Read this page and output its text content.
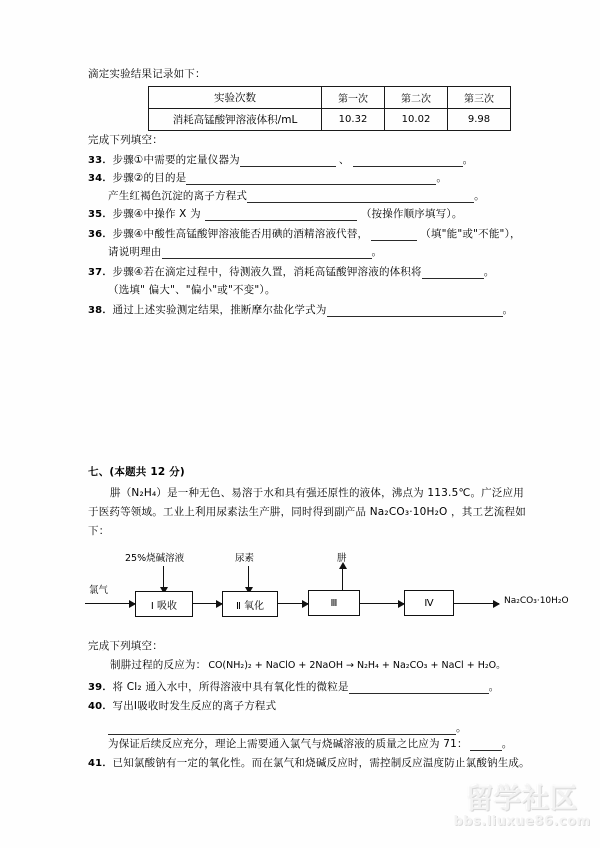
滴定实验结果记录如下：
实验次数	第一次	第二次	第三次
消耗高锰酸钾溶液体积/mL	10.32	10.02	9.98
完成下列填空：
33．步骤①中需要的定量仪器为	、	。
34．步骤②的目的是	。
产生红褐色沉淀的离子方程式	。
35．步骤④中操作 X 为	（按操作顺序填写）。
36．步骤④中酸性高锰酸钾溶液能否用碘的酒精溶液代替，	（填"能"或"不能"），
请说明理由	。
37．步骤④若在滴定过程中，待测液久置，消耗高锰酸钾溶液的体积将	。
（选填" 偏大"、"偏小"或"不变"）。
38．通过上述实验测定结果，推断摩尔盐化学式为	。
七、(本题共 12 分)
肼（N₂H₄）是一种无色、易溶于水和具有强还原性的液体，沸点为 113.5℃。广泛应用
于医药等领域。工业上利用尿素法生产肼，同时得到副产品 Na₂CO₃·10H₂O ，其工艺流程如
下：
氯气
25%烧碱溶液	尿素	肼
Ⅰ 吸收	Ⅱ 氧化	Ⅲ	Ⅳ	Na₂CO₃·10H₂O
完成下列填空：
制肼过程的反应为： CO(NH₂)₂ + NaClO + 2NaOH → N₂H₄ + Na₂CO₃ + NaCl + H₂O。
39．将 Cl₂ 通入水中，所得溶液中具有氧化性的微粒是	。
40．写出Ⅰ吸收时发生反应的离子方程式
。
为保证后续反应充分，理论上需要通入氯气与烧碱溶液的质量之比应为 71：	。
41．已知氯酸钠有一定的氧化性。而在氯气和烧碱反应时，需控制反应温度防止氯酸钠生成。
留学社区
bbs.liuxue86.com
